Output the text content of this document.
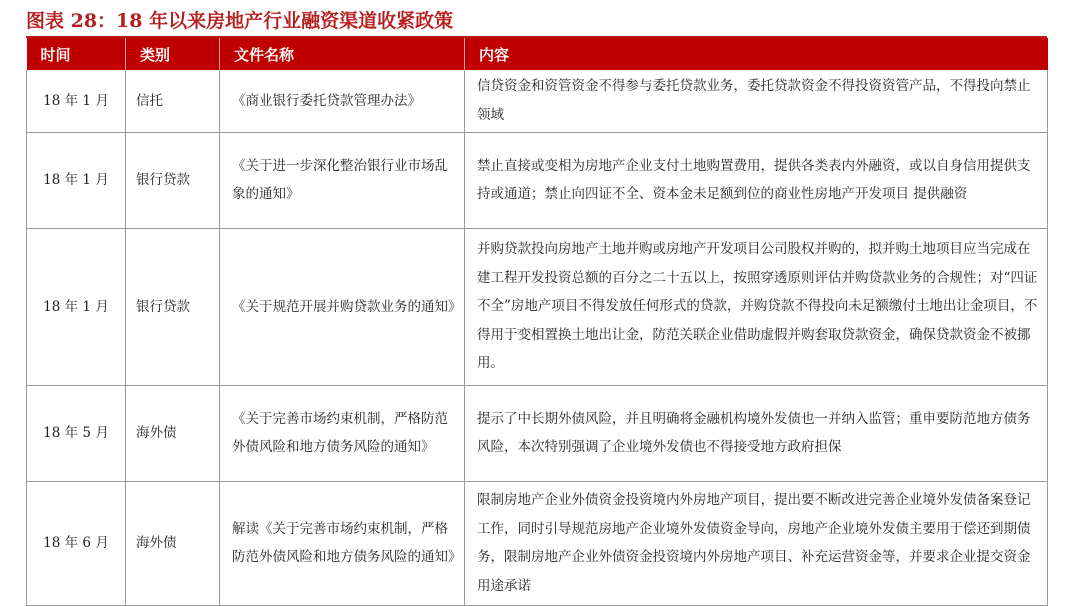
图表 28：18 年以来房地产行业融资渠道收紧政策
时间	类别	文件名称	内容
18 年 1 月	信托	《商业银行委托贷款管理办法》	信贷资金和资管资金不得参与委托贷款业务，委托贷款资金不得投资资管产品，不得投向禁止领域
18 年 1 月	银行贷款	《关于进一步深化整治银行业市场乱象的通知》	禁止直接或变相为房地产企业支付土地购置费用，提供各类表内外融资，或以自身信用提供支持或通道；禁止向四证不全、资本金未足额到位的商业性房地产开发项目 提供融资
18 年 1 月	银行贷款	《关于规范开展并购贷款业务的通知》	并购贷款投向房地产土地并购或房地产开发项目公司股权并购的，拟并购土地项目应当完成在建工程开发投资总额的百分之二十五以上，按照穿透原则评估并购贷款业务的合规性；对“四证不全”房地产项目不得发放任何形式的贷款，并购贷款不得投向未足额缴付土地出让金项目，不得用于变相置换土地出让金，防范关联企业借助虚假并购套取贷款资金，确保贷款资金不被挪用。
18 年 5 月	海外债	《关于完善市场约束机制，严格防范外债风险和地方债务风险的通知》	提示了中长期外债风险，并且明确将金融机构境外发债也一并纳入监管；重申要防范地方债务风险，本次特别强调了企业境外发债也不得接受地方政府担保
18 年 6 月	海外债	解读《关于完善市场约束机制，严格防范外债风险和地方债务风险的通知》	限制房地产企业外债资金投资境内外房地产项目，提出要不断改进完善企业境外发债备案登记工作，同时引导规范房地产企业境外发债资金导向，房地产企业境外发债主要用于偿还到期债务，限制房地产企业外债资金投资境内外房地产项目、补充运营资金等，并要求企业提交资金用途承诺
